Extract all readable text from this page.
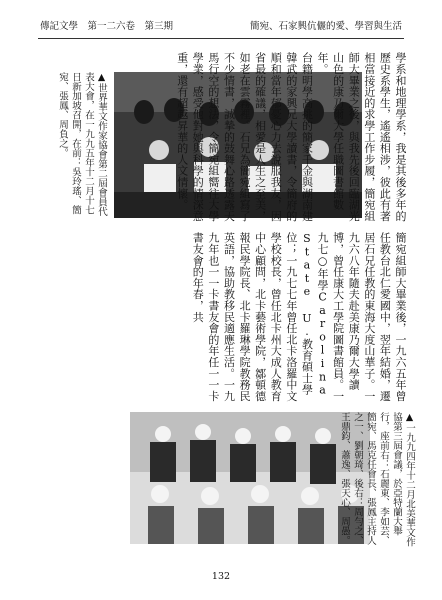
傳記文學　第一二六卷　第三期	簡宛、石家興伉儷的愛、學習與生活
▲世界華文作家協會第二屆會員代表大會，在一九九五年十二月十七日新加坡召開，在前：吳玲瑤、簡宛、張鳳、周負之。	學系和地理學系，我是其後多年的歷史系學生，遙遙相涉，彼此有著相當接近的求學工作步履，簡宛組師大畢業之後，與我先後回臨湖光山色的康乃爾大學任職圖書館數年。
台籍明學高挑的簡家千金與湖南建韓武的家興兄大學讀書，令簡府的順和當年郁憂心力去說服我友，因省最的確議，相愛是人生之至美，如老在雲霧裡。石兄為簡宛組寫了不少情書，誠摯的鼓舞心路透露天馬行空的想法，令簡宛組嚮往大學學業，感受他對她與科學的情深意重，還有超越昇華的人文情懷。
簡宛組師大畢業後，一九六五年曾任教台北仁愛國中，翌年結婚，遷居石兄任教的東海大度山華子。一九六八年隨夫赴美康乃爾大學讀博，曾任康大工學院圖書館員。一九七○年學Carolina State U.教育碩士學位；一九七七年曾任北卡洛羅中文學校校長，曾任北卡州大成人教育中心顧問，北卡藝術學院，鄒頓德報民學院長、北卡羅琳學院教務民英語，協助教移民適應生活。一九九年也一一卡書友會的年任一一卡書友會的年春，共
▲一九九四年十二月北美華文作協第三屆會議，於亞特蘭大舉行，座前右：石麗東、李如芸、簡宛、馬克任會長、張鳳主持人之一、劉朝琦、後右：周勻之、王鼎鈞、蕭逸、張天心、周愚。
132
